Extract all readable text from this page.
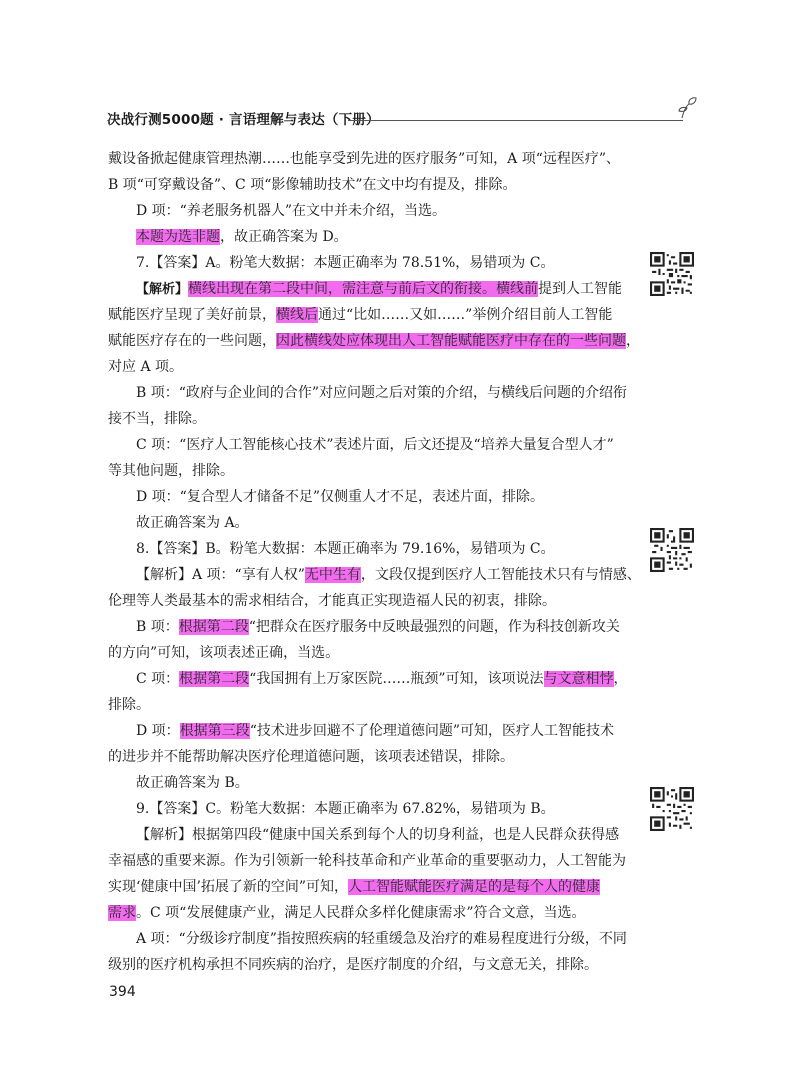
决战行测5000题 · 言语理解与表达（下册）
戴设备掀起健康管理热潮……也能享受到先进的医疗服务”可知，A 项“远程医疗”、
B 项“可穿戴设备”、C 项“影像辅助技术”在文中均有提及，排除。
D 项：“养老服务机器人”在文中并未介绍，当选。
本题为选非题，故正确答案为 D。
7.【答案】A。粉笔大数据：本题正确率为 78.51%，易错项为 C。
【解析】横线出现在第二段中间，需注意与前后文的衔接。横线前提到人工智能
赋能医疗呈现了美好前景，横线后通过“比如……又如……”举例介绍目前人工智能
赋能医疗存在的一些问题，因此横线处应体现出人工智能赋能医疗中存在的一些问题，
对应 A 项。
B 项：“政府与企业间的合作”对应问题之后对策的介绍，与横线后问题的介绍衔
接不当，排除。
C 项：“医疗人工智能核心技术”表述片面，后文还提及“培养大量复合型人才”
等其他问题，排除。
D 项：“复合型人才储备不足”仅侧重人才不足，表述片面，排除。
故正确答案为 A。
8.【答案】B。粉笔大数据：本题正确率为 79.16%，易错项为 C。
【解析】A 项：“享有人权”无中生有，文段仅提到医疗人工智能技术只有与情感、
伦理等人类最基本的需求相结合，才能真正实现造福人民的初衷，排除。
B 项：根据第二段“把群众在医疗服务中反映最强烈的问题，作为科技创新攻关
的方向”可知，该项表述正确，当选。
C 项：根据第二段“我国拥有上万家医院……瓶颈”可知，该项说法与文意相悖，
排除。
D 项：根据第三段“技术进步回避不了伦理道德问题”可知，医疗人工智能技术
的进步并不能帮助解决医疗伦理道德问题，该项表述错误，排除。
故正确答案为 B。
9.【答案】C。粉笔大数据：本题正确率为 67.82%，易错项为 B。
【解析】根据第四段“健康中国关系到每个人的切身利益，也是人民群众获得感
幸福感的重要来源。作为引领新一轮科技革命和产业革命的重要驱动力，人工智能为
实现‘健康中国’拓展了新的空间”可知，人工智能赋能医疗满足的是每个人的健康
需求。C 项“发展健康产业，满足人民群众多样化健康需求”符合文意，当选。
A 项：“分级诊疗制度”指按照疾病的轻重缓急及治疗的难易程度进行分级，不同
级别的医疗机构承担不同疾病的治疗，是医疗制度的介绍，与文意无关，排除。
394
